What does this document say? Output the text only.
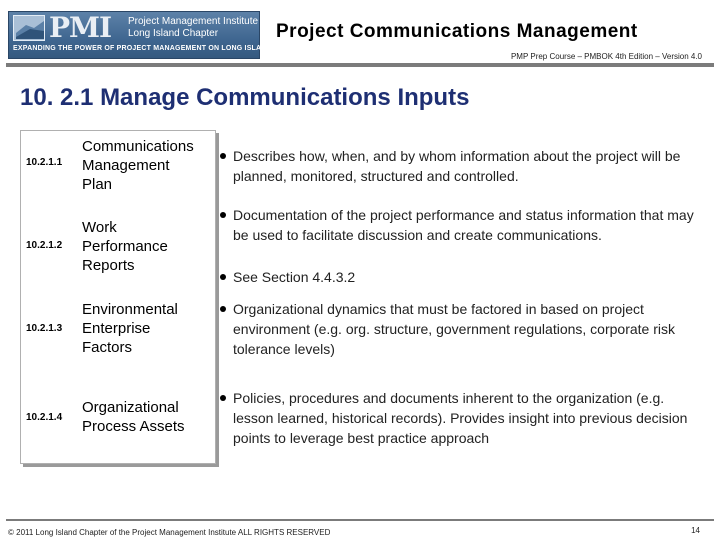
PMI Project Management Institute
Long Island Chapter
EXPANDING THE POWER OF PROJECT MANAGEMENT ON LONG ISLAND
Project Communications Management
PMP Prep Course – PMBOK 4th Edition – Version 4.0
10. 2.1 Manage Communications Inputs
10.2.1.1
Communications
Management
Plan
Describes how, when, and by whom information about the project will be planned, monitored, structured and controlled.
10.2.1.2
Work
Performance
Reports
Documentation of the project performance and status information that may be used to facilitate discussion and create communications.
See Section 4.4.3.2
10.2.1.3
Environmental
Enterprise
Factors
Organizational dynamics that must be factored in based on project environment (e.g. org. structure, government regulations, corporate risk tolerance levels)
10.2.1.4
Organizational
Process Assets
Policies, procedures and documents inherent to the organization (e.g. lesson learned, historical records). Provides insight into previous decision points to leverage best practice approach
© 2011 Long Island Chapter of the Project Management Institute ALL RIGHTS RESERVED	14
